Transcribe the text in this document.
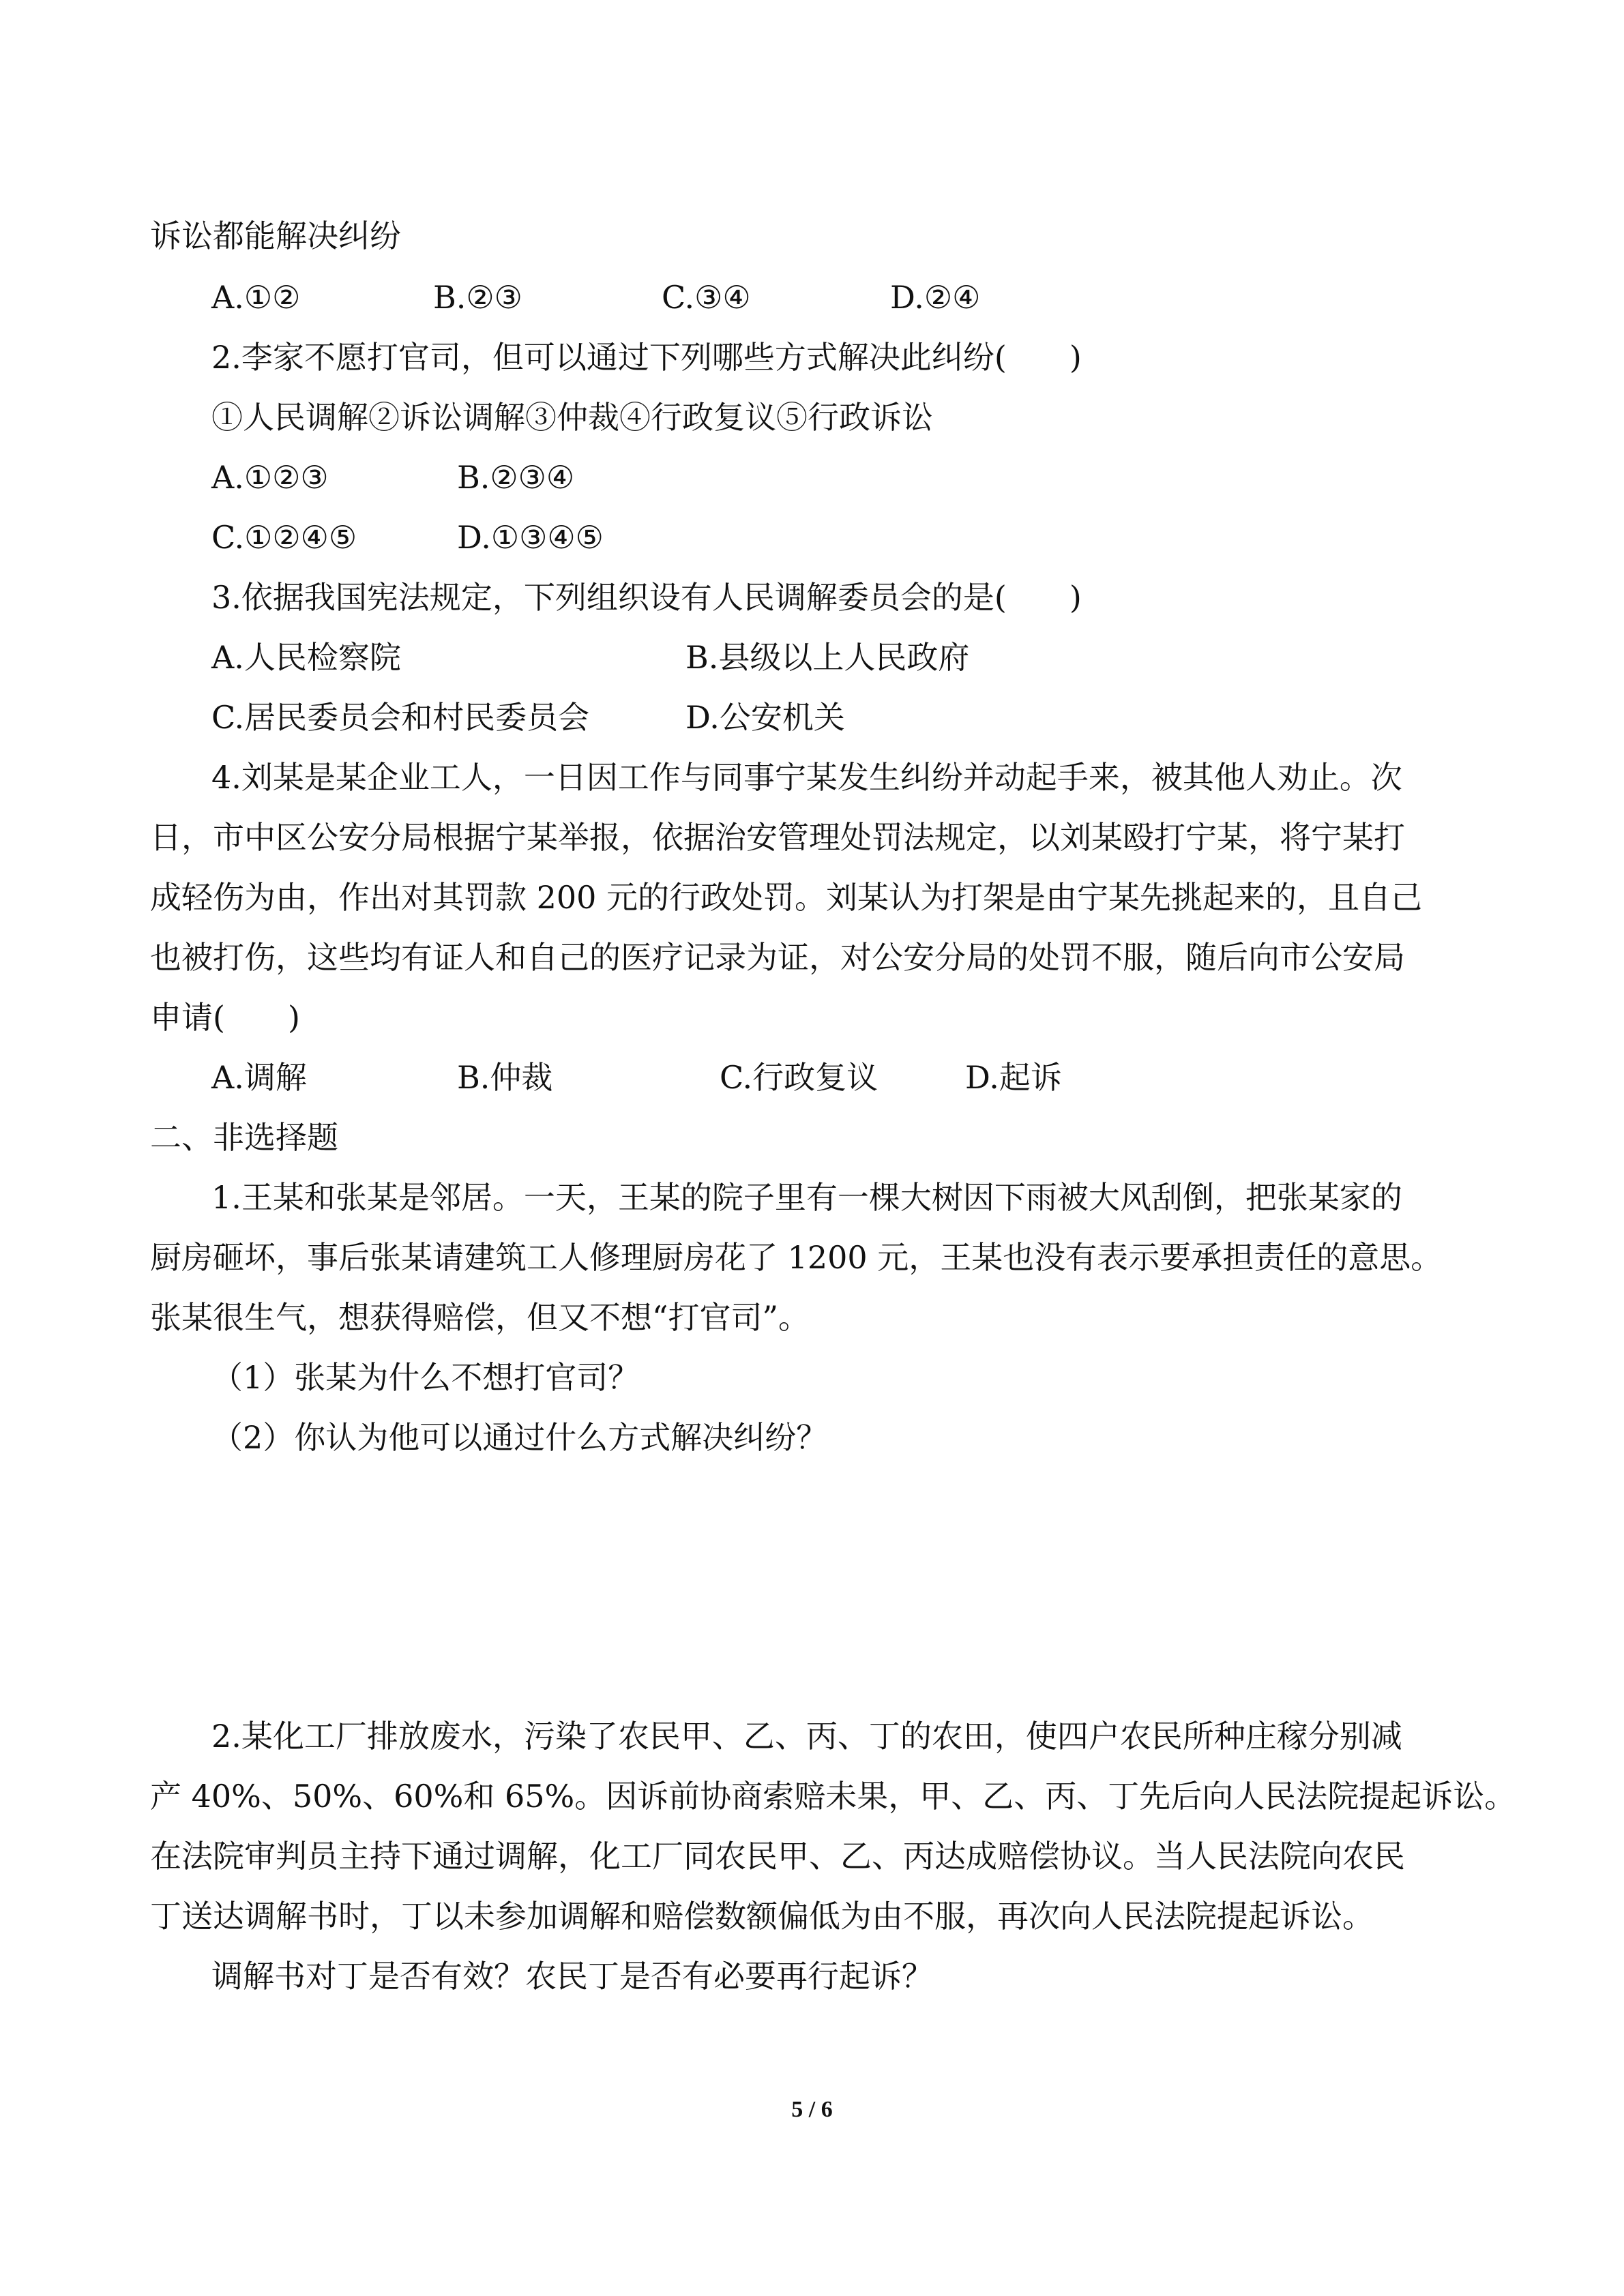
诉讼都能解决纠纷
A.①②	B.②③	C.③④	D.②④
2.李家不愿打官司，但可以通过下列哪些方式解决此纠纷(　　)
①人民调解②诉讼调解③仲裁④行政复议⑤行政诉讼
A.①②③	B.②③④
C.①②④⑤	D.①③④⑤
3.依据我国宪法规定，下列组织设有人民调解委员会的是(　　)
A.人民检察院	B.县级以上人民政府
C.居民委员会和村民委员会	D.公安机关
4.刘某是某企业工人，一日因工作与同事宁某发生纠纷并动起手来，被其他人劝止。次
日，市中区公安分局根据宁某举报，依据治安管理处罚法规定，以刘某殴打宁某，将宁某打
成轻伤为由，作出对其罚款 200 元的行政处罚。刘某认为打架是由宁某先挑起来的，且自己
也被打伤，这些均有证人和自己的医疗记录为证，对公安分局的处罚不服，随后向市公安局
申请(　　)
A.调解	B.仲裁	C.行政复议	D.起诉
二、非选择题
1.王某和张某是邻居。一天，王某的院子里有一棵大树因下雨被大风刮倒，把张某家的
厨房砸坏，事后张某请建筑工人修理厨房花了 1200 元，王某也没有表示要承担责任的意思。
张某很生气，想获得赔偿，但又不想“打官司”。
（1）张某为什么不想打官司？
（2）你认为他可以通过什么方式解决纠纷？
2.某化工厂排放废水，污染了农民甲、乙、丙、丁的农田，使四户农民所种庄稼分别减
产 40%、50%、60%和 65%。因诉前协商索赔未果，甲、乙、丙、丁先后向人民法院提起诉讼。
在法院审判员主持下通过调解，化工厂同农民甲、乙、丙达成赔偿协议。当人民法院向农民
丁送达调解书时，丁以未参加调解和赔偿数额偏低为由不服，再次向人民法院提起诉讼。
调解书对丁是否有效？农民丁是否有必要再行起诉？
5 / 6
